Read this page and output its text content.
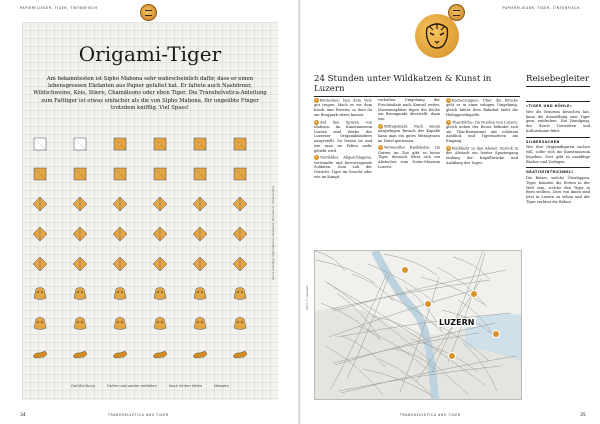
PAPIERFLIEGER, TIGER, TINTENFISCH
Origami-Tiger
Am bekanntesten ist Sipho Mabona sehr wahrscheinlich dafür, dass er einen lebensgrossen Elefanten aus Papier gefaltet hat. Er faltete auch Nashörner, Wildschweine, Kois, Stiere, Chamäleons oder eben Tiger. Die Transhelvetica-Anleitung zum Falttiger ist etwas einfacher als die von Sipho Mabona, für ungeübte Finger trotzdem knifflig. Viel Spass!
Falt-Richtung	Falten und wieder entfalten	Nach hinten falten	Wenden
Idee & Anleitung: Sipho Mabona, Illustration: Marc Rauch, transhelvetica
34	TRANSHELVETICA #60 TIGER
PAPIERFLIEGER, TIGER, TINTENFISCH
24 Stunden unter Wildkatzen & Kunst in Luzern
Reisebegleiter

1 Brotecken: bau dein Velo gut tragen. Mach es vor dem Kiosk, ums Fenster, so dass du am Bergpark sitzen kannst.

2 Auf den Spuren von Mabona: Im Kunstmuseum Luzern sind Werke des Luzerner Origamikünstlers ausgestellt. Zu lernen ist und wie man im Falten mehr geliebt wird.

3 Vierfelder: Abgeschlagene, verwandte und hervorragende Soldaten. Zum Lob der Ostsicht. Tiger im Gesicht oder wie im Kampf.

vorhalten Umgebung der Fruchtsalate nach Kennel weiter, Museumsplätze fügen die Küche ein Brennpunkt überstellt, dann wie.

4 Mittagsmahl: Nach einem ausgiebigen Besuch der Kapelle kann man ein gutes Mittagessen im Hotel geniessen.

5 Verwandter Raubkatze: Im Garten im Zoo gibt es keine Tiger, dennoch lohnt sich ein Abstecher zum Natur-Museum Luzern.

6 Katzenzoppen: Über die Brücke geht es in einer ruhigen Umgebung, gleich hinter dem Bahnhof steht die Heiliggeistkapelle.

7 Thai-Küche: Im Norden von Luzern, gleich neben der Reuss befindet sich ein Thai-Restaurant mit schönem Ausblick und Tigermotiven am Eingang.

8 Rückkehr in den Abend: Zurück in der Altstadt ein letzter Spaziergang entlang der Kapellbrücke und Ausklang des Tages.

«TIGER UND HÖHLE»

Wer als Museum besuchen hat, kann die Ausstellung zum Tiger gern entdecken. Ein Rundgang, der durch Tierwelten und Kulturräume führt.

SILBERSACHEN

Wer ihre Origamifiguren suchen will, sollte sich ins Kunstmuseum begeben. Dort gibt es unzählige Bücher und Vorlagen.

GRATISEINTRICHBELI

Die Reiser, welche Überlappen, Tiger, könnten die Ersten in der Welt sein, welche den Tiger in Bern stellten. Zwei von ihnen sind jetzt in Luzern zu sehen und der Tiger verlässt die Bühne.

LUZERN
Karte: © swisstopo
35
TRANSHELVETICA #60 TIGER
